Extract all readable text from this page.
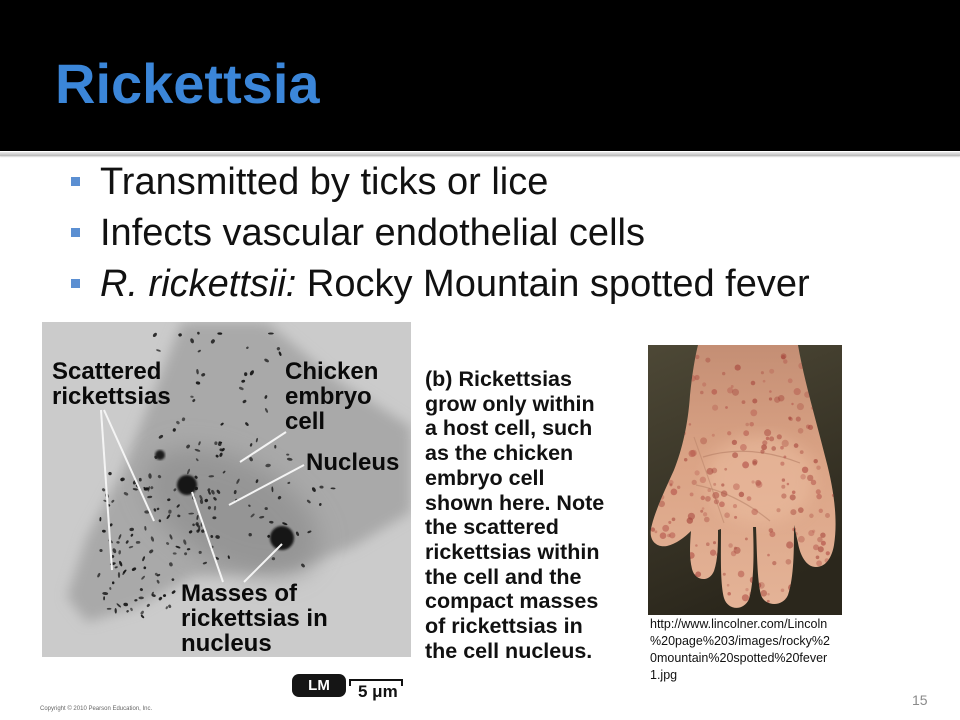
Rickettsia
Transmitted by ticks or lice
Infects vascular endothelial cells
R. rickettsii: Rocky Mountain spotted fever
Scattered
rickettsias
Chicken
embryo
cell
Nucleus
Masses of
rickettsias in
nucleus
(b) Rickettsias
grow only within
a host cell, such
as the chicken
embryo cell
shown here. Note
the scattered
rickettsias within
the cell and the
compact masses
of rickettsias in
the cell nucleus.
LM	5 μm
http://www.lincolner.com/Lincoln
%20page%203/images/rocky%2
0mountain%20spotted%20fever
1.jpg
Copyright © 2010 Pearson Education, Inc.
15
